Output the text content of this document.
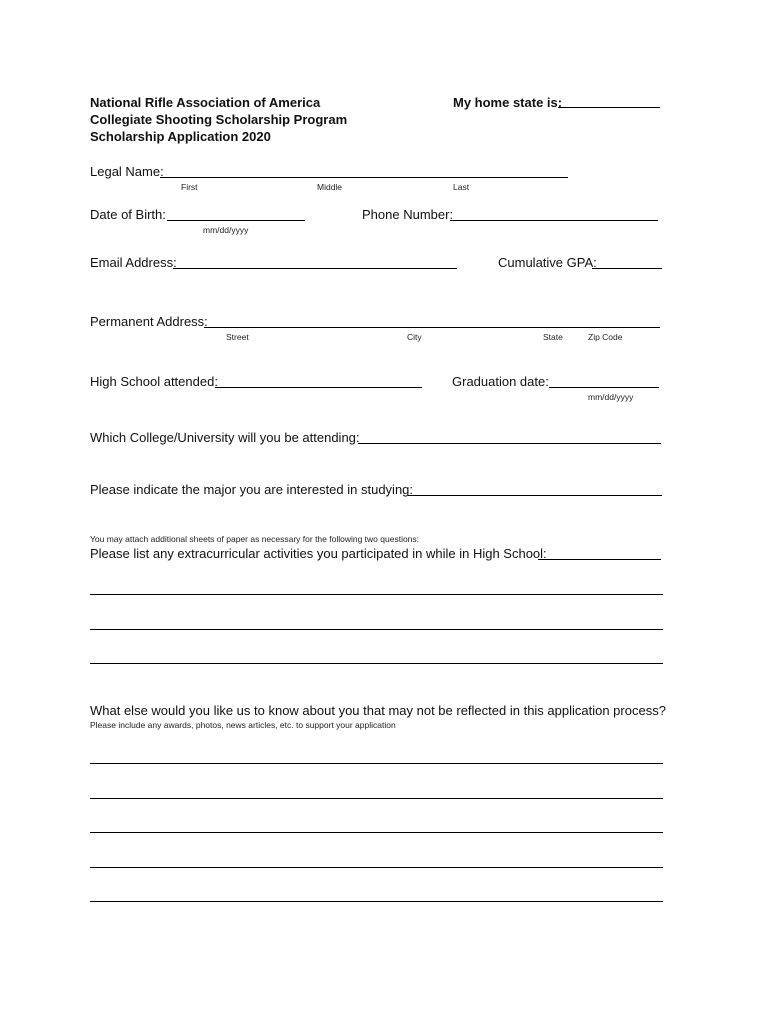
National Rifle Association of America
Collegiate Shooting Scholarship Program
Scholarship Application 2020
My home state is:
Legal Name:
First	Middle	Last
Date of Birth:
mm/dd/yyyy
Phone Number:
Email Address:	Cumulative GPA:
Permanent Address:
Street	City	State	Zip Code
High School attended:	Graduation date:
mm/dd/yyyy
Which College/University will you be attending:
Please indicate the major you are interested in studying:
You may attach additional sheets of paper as necessary for the following two questions:
Please list any extracurricular activities you participated in while in High School:
What else would you like us to know about you that may not be reflected in this application process?
Please include any awards, photos, news articles, etc. to support your application
